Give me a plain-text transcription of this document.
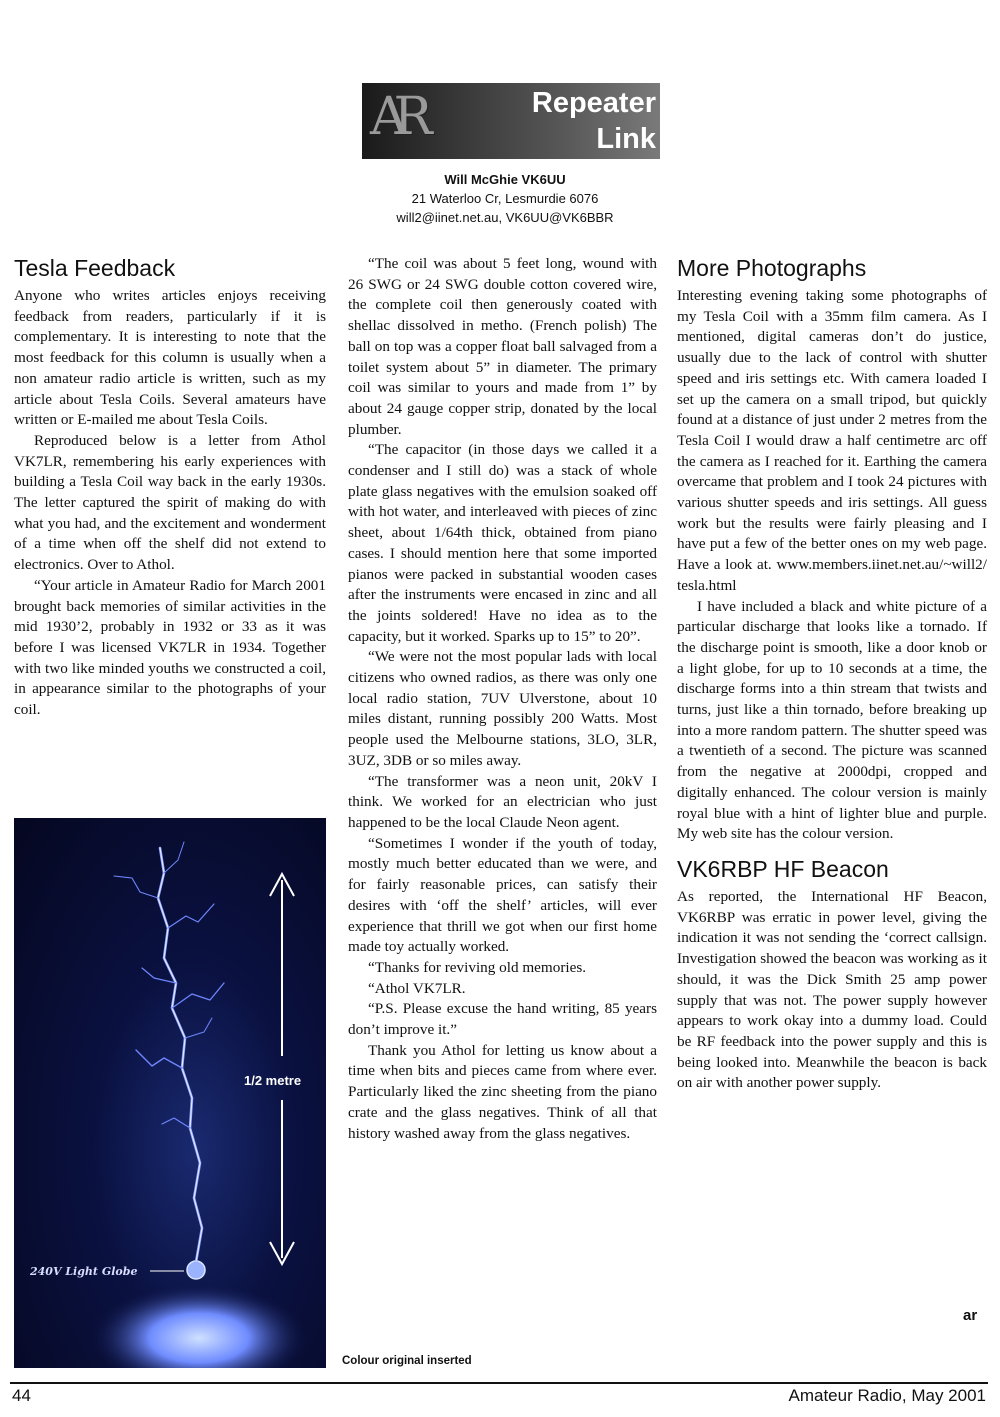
AR	Repeater
Link
Will McGhie VK6UU
21 Waterloo Cr, Lesmurdie 6076
will2@iinet.net.au, VK6UU@VK6BBR
Tesla Feedback

Anyone who writes articles enjoys receiving feedback from readers, particularly if it is complementary. It is interesting to note that the most feedback for this column is usually when a non amateur radio article is written, such as my article about Tesla Coils. Several amateurs have written or E-mailed me about Tesla Coils.

Reproduced below is a letter from Athol VK7LR, remembering his early experiences with building a Tesla Coil way back in the early 1930s. The letter captured the spirit of making do with what you had, and the excitement and wonderment of a time when off the shelf did not extend to electronics. Over to Athol.

“Your article in Amateur Radio for March 2001 brought back memories of similar activities in the mid 1930’2, probably in 1932 or 33 as it was before I was licensed VK7LR in 1934. Together with two like minded youths we constructed a coil, in appearance similar to the photographs of your coil.

1/2 metre
240V Light Globe

“The coil was about 5 feet long, wound with 26 SWG or 24 SWG double cotton covered wire, the complete coil then generously coated with shellac dissolved in metho. (French polish) The ball on top was a copper float ball salvaged from a toilet system about 5” in diameter. The primary coil was similar to yours and made from 1” by about 24 gauge copper strip, donated by the local plumber.

“The capacitor (in those days we called it a condenser and I still do) was a stack of whole plate glass negatives with the emulsion soaked off with hot water, and interleaved with pieces of zinc sheet, about 1/64th thick, obtained from piano cases. I should mention here that some imported pianos were packed in substantial wooden cases after the instruments were encased in zinc and all the joints soldered! Have no idea as to the capacity, but it worked. Sparks up to 15” to 20”.

“We were not the most popular lads with local citizens who owned radios, as there was only one local radio station, 7UV Ulverstone, about 10 miles distant, running possibly 200 Watts. Most people used the Melbourne stations, 3LO, 3LR, 3UZ, 3DB or so miles away.

“The transformer was a neon unit, 20kV I think. We worked for an electrician who just happened to be the local Claude Neon agent.

“Sometimes I wonder if the youth of today, mostly much better educated than we were, and for fairly reasonable prices, can satisfy their desires with ‘off the shelf’ articles, will ever experience that thrill we got when our first home made toy actually worked.

“Thanks for reviving old memories.

“Athol VK7LR.

“P.S. Please excuse the hand writing, 85 years don’t improve it.”

Thank you Athol for letting us know about a time when bits and pieces came from where ever. Particularly liked the zinc sheeting from the piano crate and the glass negatives. Think of all that history washed away from the glass negatives.

More Photographs

Interesting evening taking some photographs of my Tesla Coil with a 35mm film camera. As I mentioned, digital cameras don’t do justice, usually due to the lack of control with shutter speed and iris settings etc. With camera loaded I set up the camera on a small tripod, but quickly found at a distance of just under 2 metres from the Tesla Coil I would draw a half centimetre arc off the camera as I reached for it. Earthing the camera overcame that problem and I took 24 pictures with various shutter speeds and iris settings. All guess work but the results were fairly pleasing and I have put a few of the better ones on my web page. Have a look at. www.members.iinet.net.au/~will2/ tesla.html

I have included a black and white picture of a particular discharge that looks like a tornado. If the discharge point is smooth, like a door knob or a light globe, for up to 10 seconds at a time, the discharge forms into a thin stream that twists and turns, just like a thin tornado, before breaking up into a more random pattern. The shutter speed was a twentieth of a second. The picture was scanned from the negative at 2000dpi, cropped and digitally enhanced. The colour version is mainly royal blue with a hint of lighter blue and purple. My web site has the colour version.

VK6RBP HF Beacon

As reported, the International HF Beacon, VK6RBP was erratic in power level, giving the indication it was not sending the ‘correct callsign. Investigation showed the beacon was working as it should, it was the Dick Smith 25 amp power supply that was not. The power supply however appears to work okay into a dummy load. Could be RF feedback into the power supply and this is being looked into. Meanwhile the beacon is back on air with another power supply.

ar
Colour original inserted
44	Amateur Radio, May 2001
